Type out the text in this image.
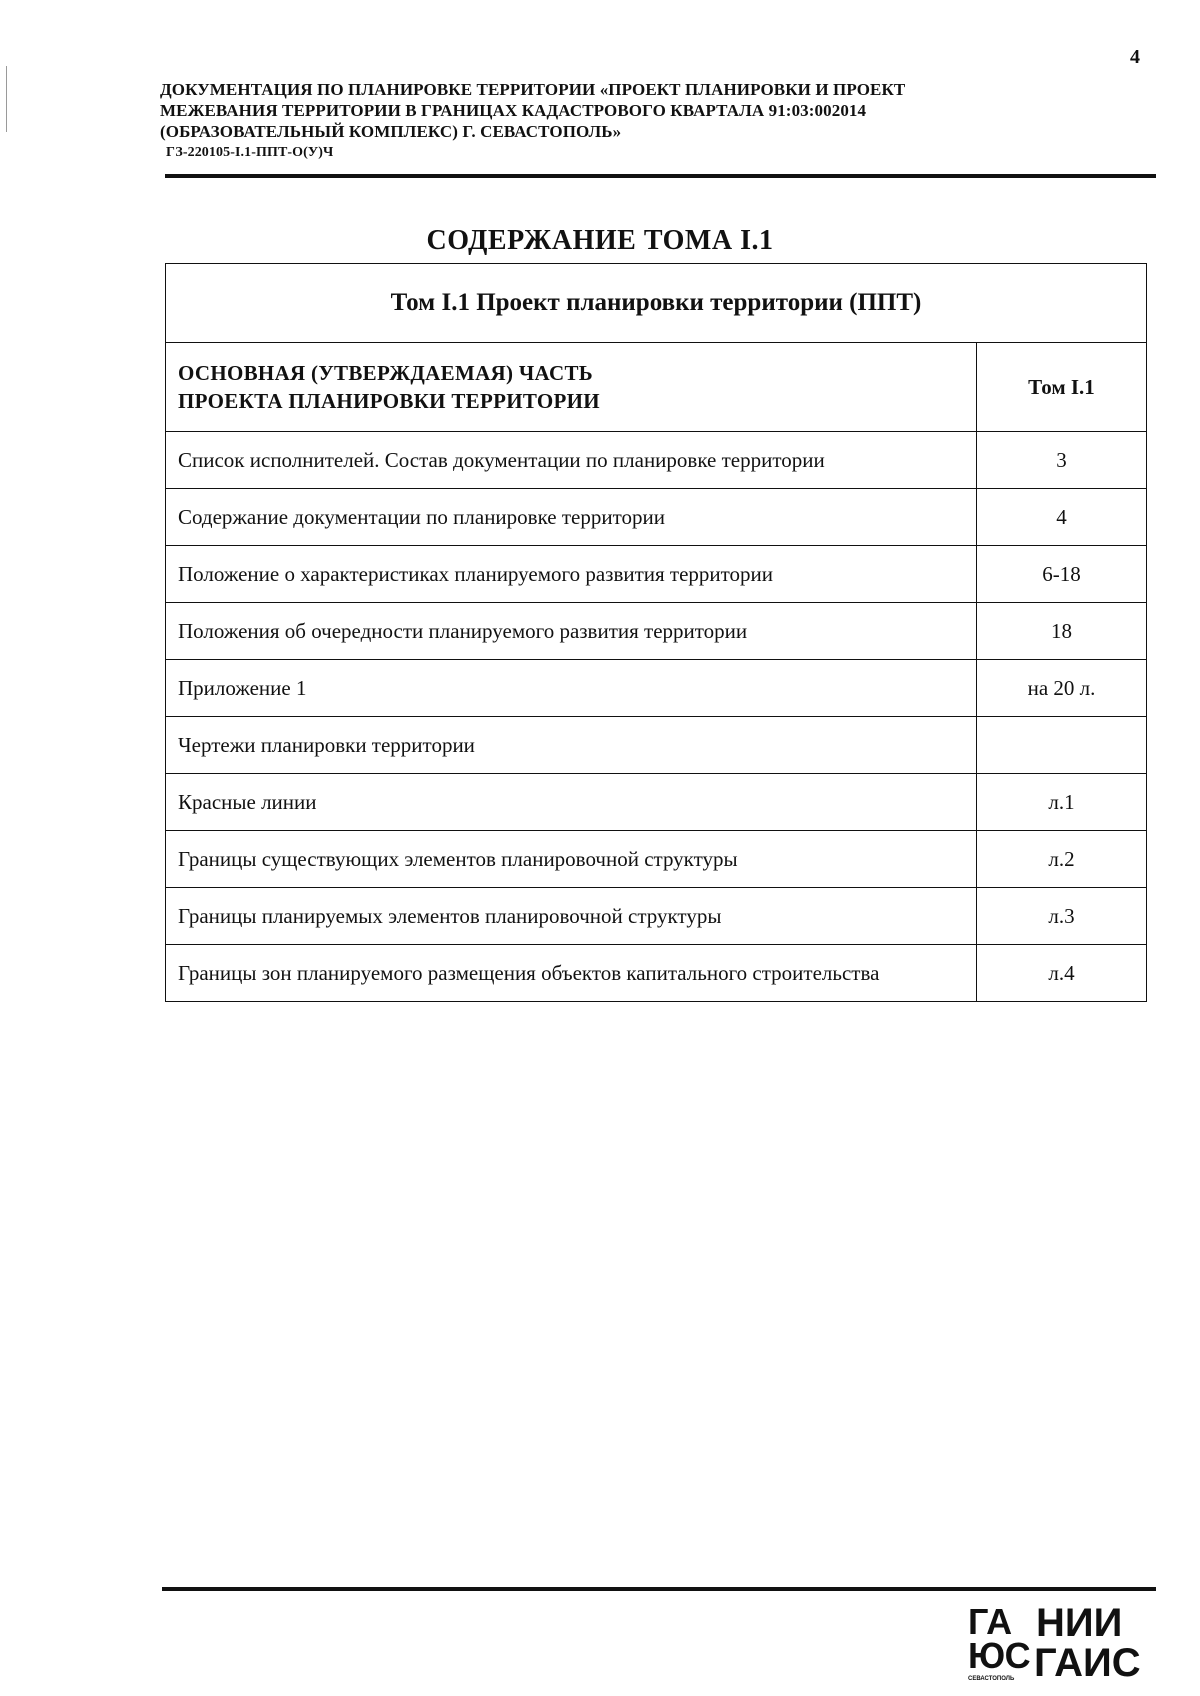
4
ДОКУМЕНТАЦИЯ ПО ПЛАНИРОВКЕ ТЕРРИТОРИИ «ПРОЕКТ ПЛАНИРОВКИ И ПРОЕКТ
МЕЖЕВАНИЯ ТЕРРИТОРИИ В ГРАНИЦАХ КАДАСТРОВОГО КВАРТАЛА 91:03:002014
(ОБРАЗОВАТЕЛЬНЫЙ КОМПЛЕКС) Г. СЕВАСТОПОЛЬ»
ГЗ-220105-І.1-ППТ-О(У)Ч
СОДЕРЖАНИЕ ТОМА I.1
Том I.1 Проект планировки территории (ППТ)	

ОСНОВНАЯ (УТВЕРЖДАЕМАЯ) ЧАСТЬ
ПРОЕКТА ПЛАНИРОВКИ ТЕРРИТОРИИ	Том I.1
Список исполнителей. Состав документации по планировке территории	3
Содержание документации по планировке территории	4
Положение о характеристиках планируемого развития территории	6-18
Положения об очередности планируемого развития территории	18
Приложение 1	на 20 л.
Чертежи планировки территории	
Красные линии	л.1
Границы существующих элементов планировочной структуры	л.2
Границы планируемых элементов планировочной структуры	л.3
Границы зон планируемого размещения объектов капитального строительства	л.4
ГА
ЮС
СЕВАСТОПОЛЬ
НИИ
ГАИС
